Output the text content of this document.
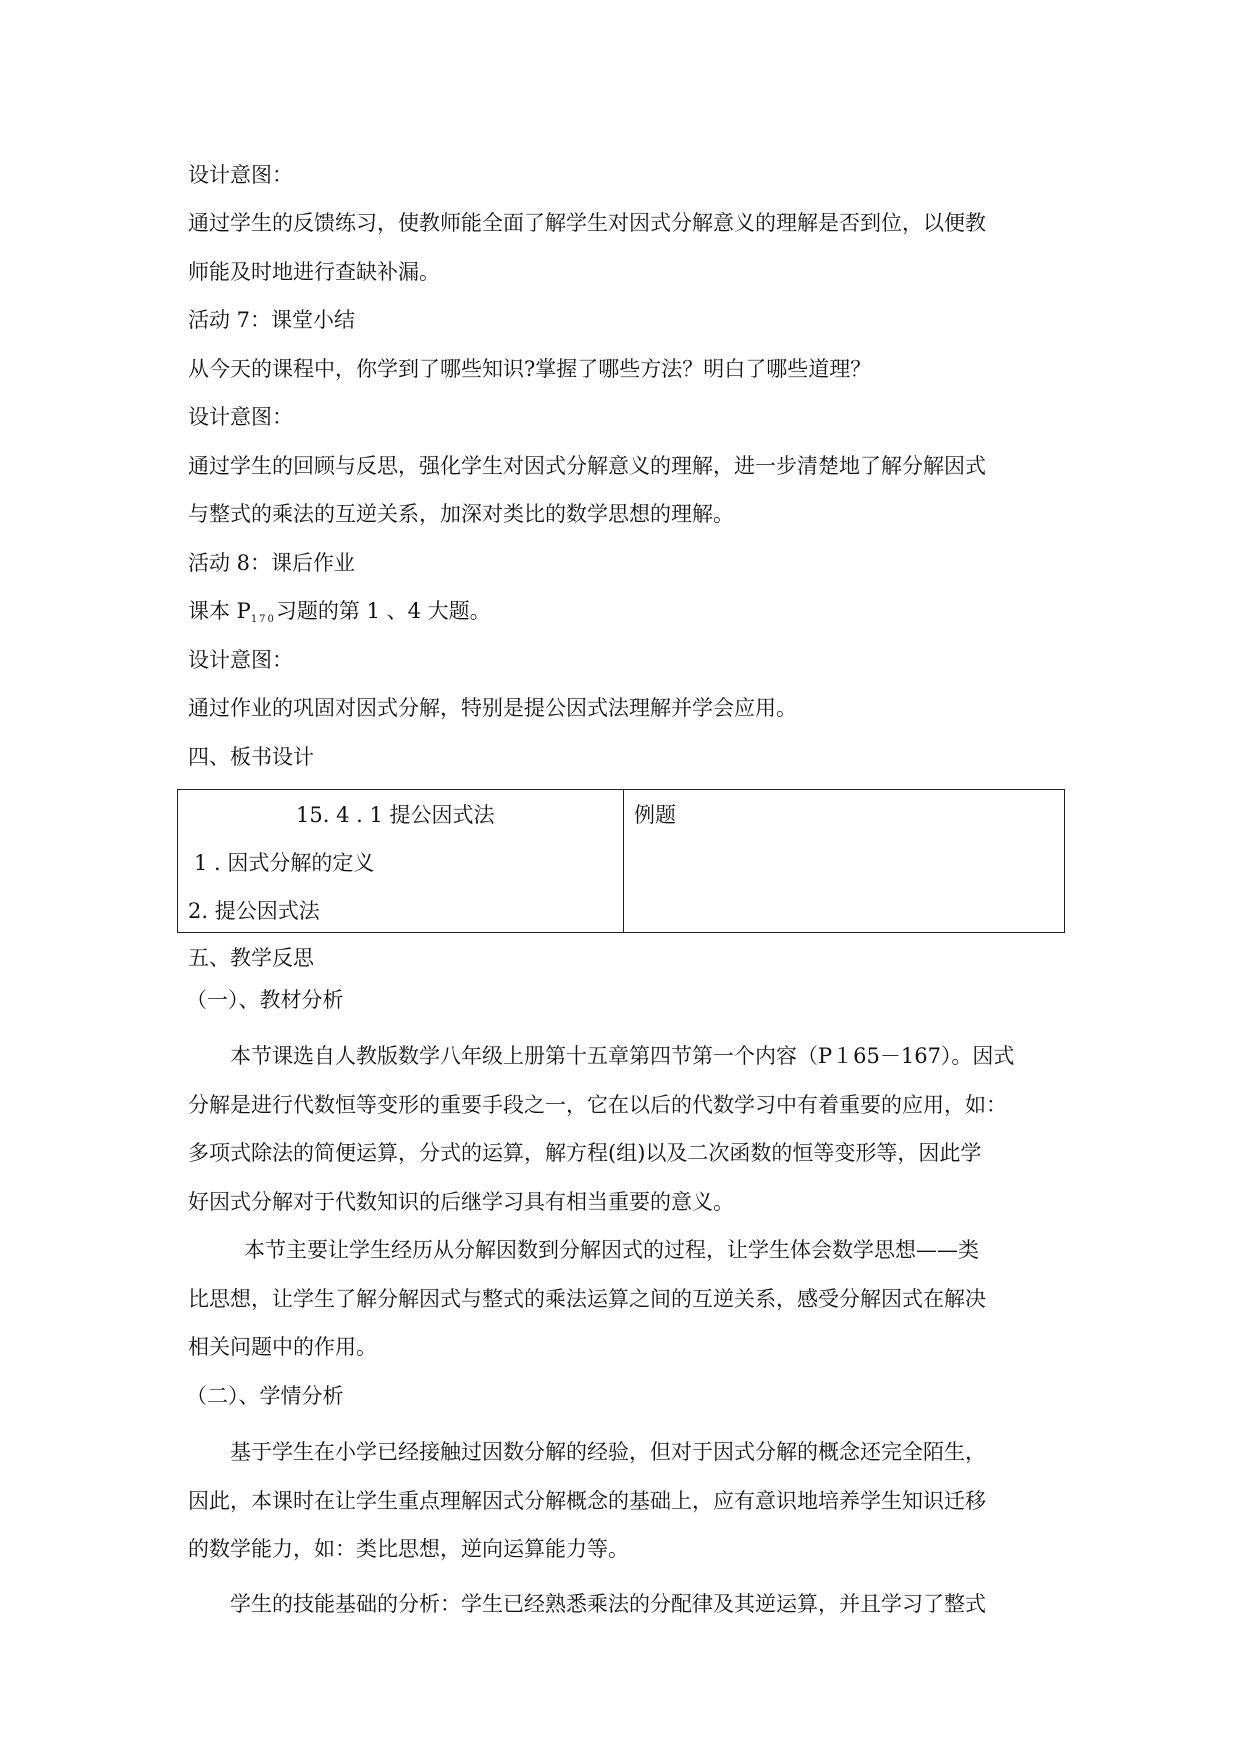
设计意图：
通过学生的反馈练习，使教师能全面了解学生对因式分解意义的理解是否到位，以便教
师能及时地进行查缺补漏。
活动 7：课堂小结
从今天的课程中，你学到了哪些知识?掌握了哪些方法？明白了哪些道理？
设计意图：
通过学生的回顾与反思，强化学生对因式分解意义的理解，进一步清楚地了解分解因式
与整式的乘法的互逆关系，加深对类比的数学思想的理解。
活动 8：课后作业
课本 $P_{170}$习题的第 1 、4 大题。
设计意图：
通过作业的巩固对因式分解，特别是提公因式法理解并学会应用。
四、板书设计
15. 4 . 1 提公因式法
1 . 因式分解的定义
2. 提公因式法
例题
五、教学反思
（一）、教材分析
本节课选自人教版数学八年级上册第十五章第四节第一个内容（P１65－167）。因式
分解是进行代数恒等变形的重要手段之一，它在以后的代数学习中有着重要的应用，如：
多项式除法的简便运算，分式的运算，解方程(组)以及二次函数的恒等变形等，因此学
好因式分解对于代数知识的后继学习具有相当重要的意义。
本节主要让学生经历从分解因数到分解因式的过程，让学生体会数学思想——类
比思想，让学生了解分解因式与整式的乘法运算之间的互逆关系，感受分解因式在解决
相关问题中的作用。
（二）、学情分析
基于学生在小学已经接触过因数分解的经验，但对于因式分解的概念还完全陌生，
因此，本课时在让学生重点理解因式分解概念的基础上，应有意识地培养学生知识迁移
的数学能力，如：类比思想，逆向运算能力等。
学生的技能基础的分析：学生已经熟悉乘法的分配律及其逆运算，并且学习了整式
